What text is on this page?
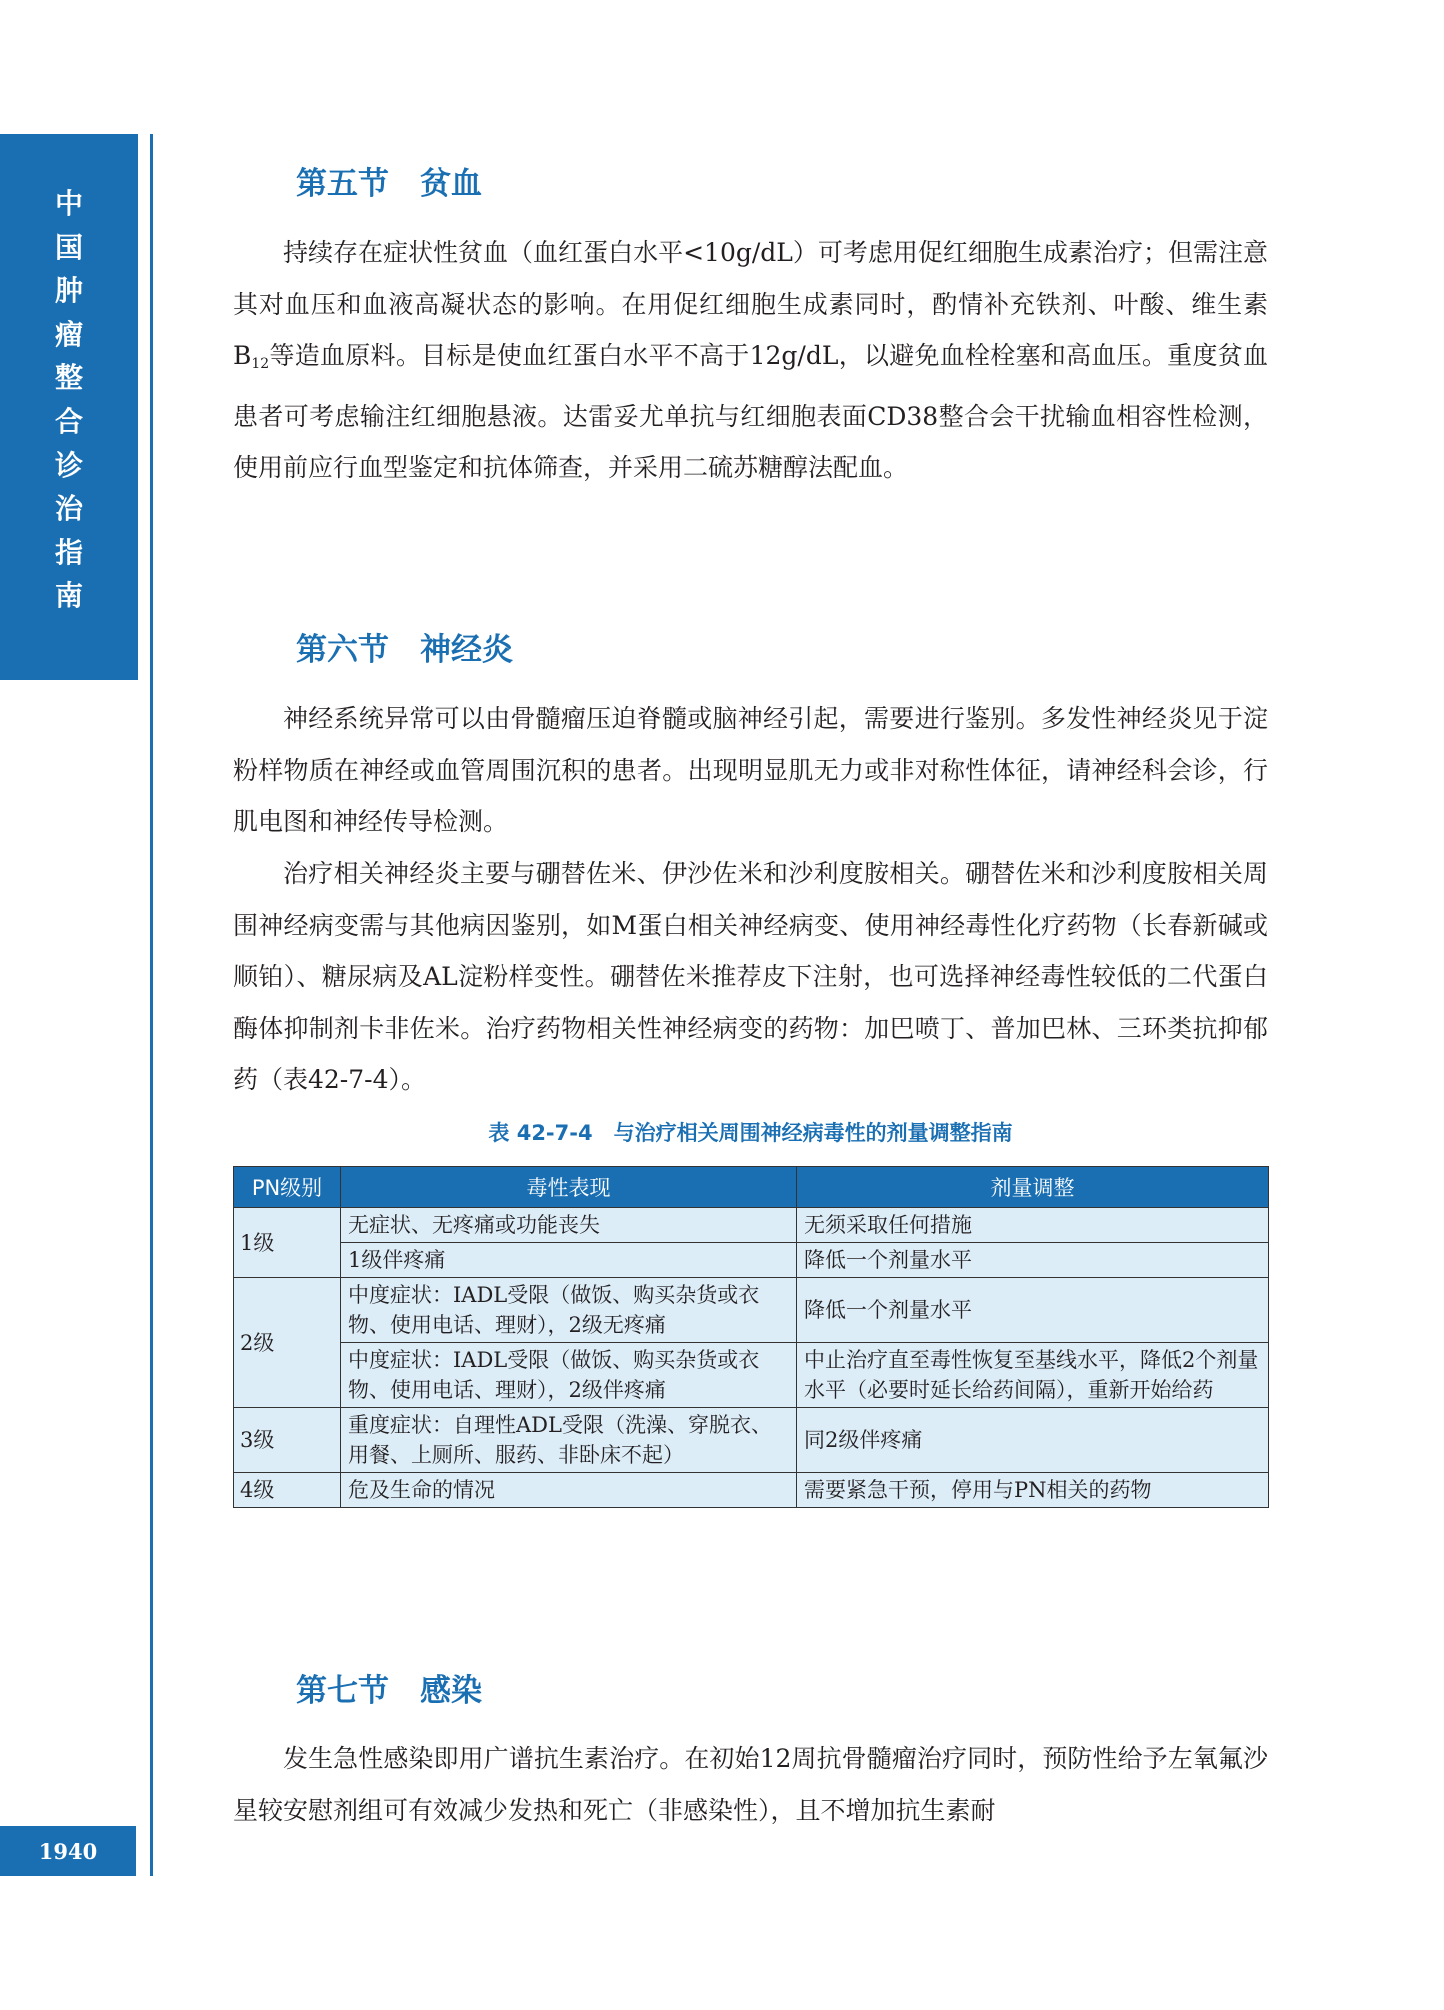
中
国
肿
瘤
整
合
诊
治
指
南
1940
第五节　贫血

持续存在症状性贫血（血红蛋白水平<10g/dL）可考虑用促红细胞生成素治疗；但需注意其对血压和血液高凝状态的影响。在用促红细胞生成素同时，酌情补充铁剂、叶酸、维生素$B_{12}$等造血原料。目标是使血红蛋白水平不高于12g/dL，以避免血栓栓塞和高血压。重度贫血患者可考虑输注红细胞悬液。达雷妥尤单抗与红细胞表面CD38整合会干扰输血相容性检测，使用前应行血型鉴定和抗体筛查，并采用二硫苏糖醇法配血。

第六节　神经炎

神经系统异常可以由骨髓瘤压迫脊髓或脑神经引起，需要进行鉴别。多发性神经炎见于淀粉样物质在神经或血管周围沉积的患者。出现明显肌无力或非对称性体征，请神经科会诊，行肌电图和神经传导检测。

治疗相关神经炎主要与硼替佐米、伊沙佐米和沙利度胺相关。硼替佐米和沙利度胺相关周围神经病变需与其他病因鉴别，如M蛋白相关神经病变、使用神经毒性化疗药物（长春新碱或顺铂）、糖尿病及AL淀粉样变性。硼替佐米推荐皮下注射，也可选择神经毒性较低的二代蛋白酶体抑制剂卡非佐米。治疗药物相关性神经病变的药物：加巴喷丁、普加巴林、三环类抗抑郁药（表42-7-4）。

表 42-7-4　与治疗相关周围神经病毒性的剂量调整指南
PN级别	毒性表现	剂量调整
1级	无症状、无疼痛或功能丧失	无须采取任何措施
	1级伴疼痛	降低一个剂量水平
2级	中度症状：IADL受限（做饭、购买杂货或衣物、使用电话、理财），2级无疼痛	降低一个剂量水平
	中度症状：IADL受限（做饭、购买杂货或衣物、使用电话、理财），2级伴疼痛	中止治疗直至毒性恢复至基线水平，降低2个剂量水平（必要时延长给药间隔），重新开始给药
3级	重度症状：自理性ADL受限（洗澡、穿脱衣、用餐、上厕所、服药、非卧床不起）	同2级伴疼痛
4级	危及生命的情况	需要紧急干预，停用与PN相关的药物
第七节　感染

发生急性感染即用广谱抗生素治疗。在初始12周抗骨髓瘤治疗同时，预防性给予左氧氟沙星较安慰剂组可有效减少发热和死亡（非感染性），且不增加抗生素耐
